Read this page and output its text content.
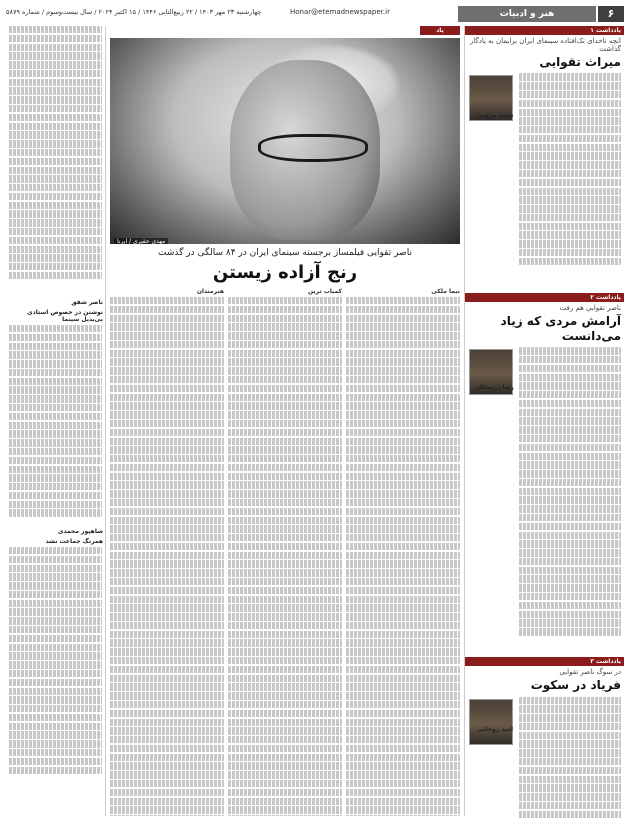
۶
هنر و ادبیات
Honar@etemadnewspaper.ir
چهارشنبه ۲۳ مهر ۱۴۰۳ / ۲۲ ربیع‌الثانی ۱۴۴۶ / ۱۵ اکتبر ۲۰۲۴ / سال بیست‌و‌سوم / شماره ۵۸۷۹
یادداشت ۱
انچه ناخدای تک‌افتاده سینمای ایران برایمان به یادگار گذاشت
میراث تقوایی
سعید مروتی
یادداشت ۲
ناصر تقوایی هم رفت
آرامش مردی که زیاد می‌دانست
رضا درستکار
یادداشت ۳
در سوگ ناصر تقوایی
فریاد در سکوت
امید روحانی
یاد
مهدی حقیری / ایرنا
ناصر تقوایی فیلمساز برجسته سینمای ایران در ۸۴ سالگی در گذشت
رنج آزاده زیستن
نیما ملکی
کمیاب ترین
هنرمندان
ناصر شفق
نوشتن در خصوص استادی بی‌بدیل سینما
شاهپور محمدی
همرنگ جماعت نشد
